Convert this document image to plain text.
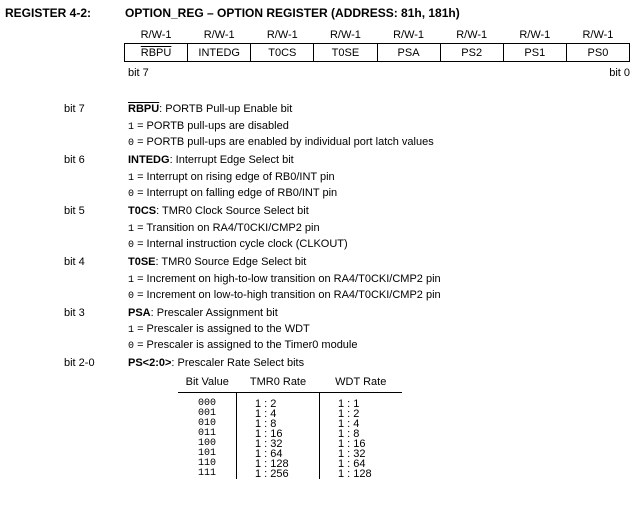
REGISTER 4-2:	OPTION_REG – OPTION REGISTER (ADDRESS: 81h, 181h)
R/W-1	R/W-1	R/W-1	R/W-1	R/W-1	R/W-1	R/W-1	R/W-1
RBPU	INTEDG	T0CS	T0SE	PSA	PS2	PS1	PS0
bit 7	bit 0
bit 7	RBPU: PORTB Pull-up Enable bit
1 = PORTB pull-ups are disabled
0 = PORTB pull-ups are enabled by individual port latch values
bit 6	INTEDG: Interrupt Edge Select bit
1 = Interrupt on rising edge of RB0/INT pin
0 = Interrupt on falling edge of RB0/INT pin
bit 5	T0CS: TMR0 Clock Source Select bit
1 = Transition on RA4/T0CKI/CMP2 pin
0 = Internal instruction cycle clock (CLKOUT)
bit 4	T0SE: TMR0 Source Edge Select bit
1 = Increment on high-to-low transition on RA4/T0CKI/CMP2 pin
0 = Increment on low-to-high transition on RA4/T0CKI/CMP2 pin
bit 3	PSA: Prescaler Assignment bit
1 = Prescaler is assigned to the WDT
0 = Prescaler is assigned to the Timer0 module
bit 2-0	PS<2:0>: Prescaler Rate Select bits
Bit Value	TMR0 Rate	WDT Rate
000	1 : 2	1 : 1
001	1 : 4	1 : 2
010	1 : 8	1 : 4
011	1 : 16	1 : 8
100	1 : 32	1 : 16
101	1 : 64	1 : 32
110	1 : 128	1 : 64
111	1 : 256	1 : 128
